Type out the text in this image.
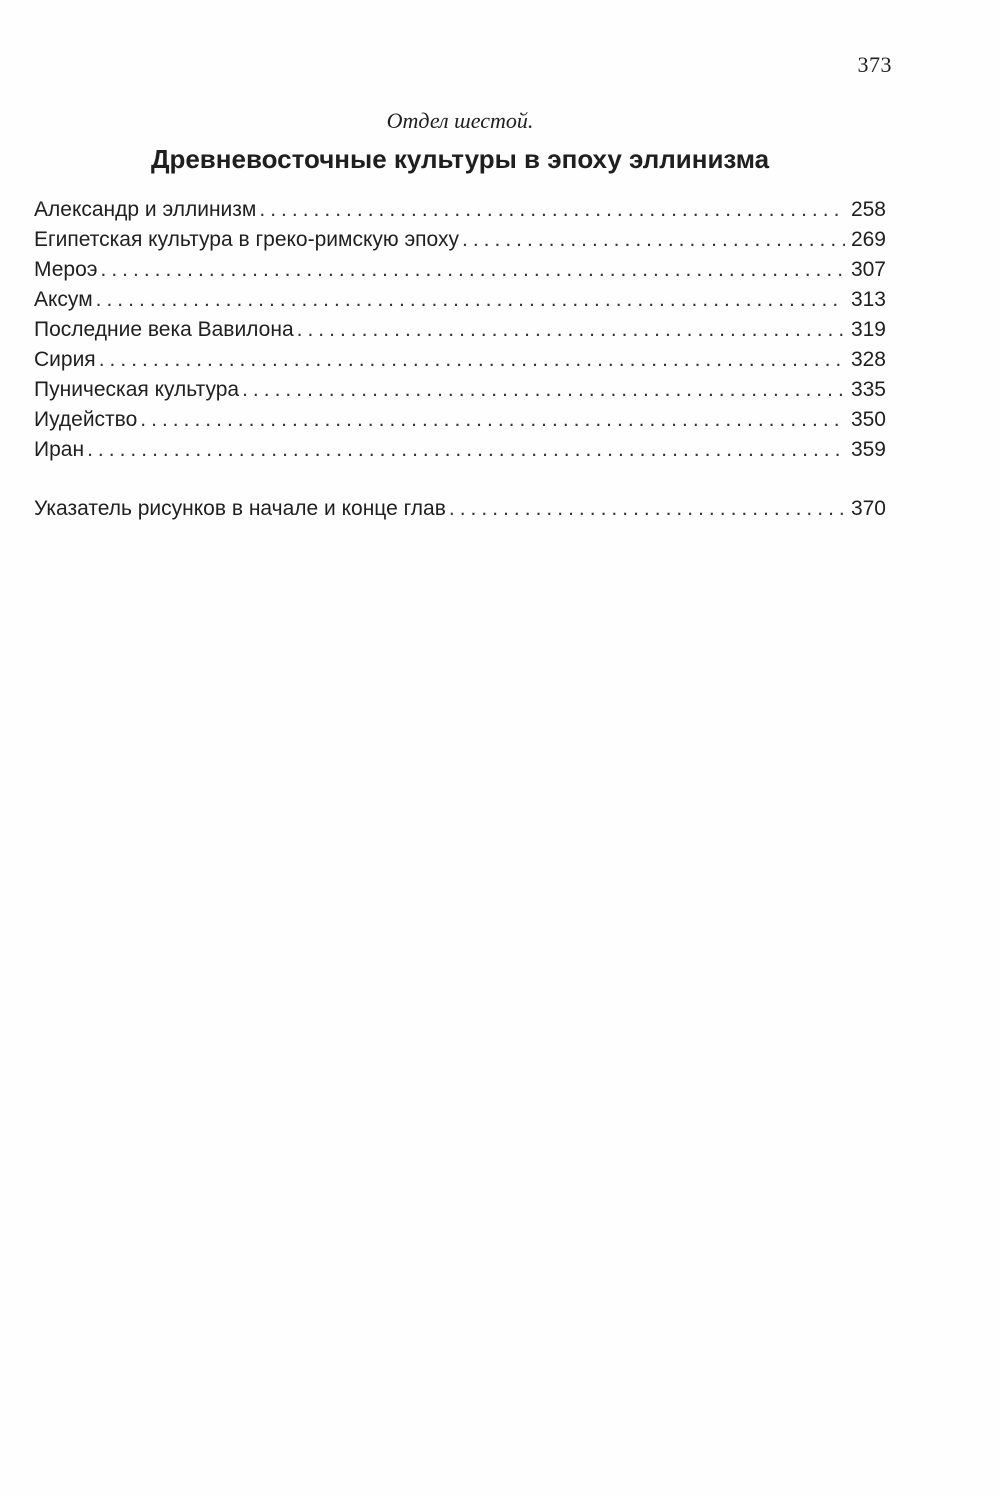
373
Отдел шестой.
Древневосточные культуры в эпоху эллинизма
Александр и эллинизм .....	258
Египетская культура в греко-римскую эпоху .....	269
Мероэ .....	307
Аксум .....	313
Последние века Вавилона .....	319
Сирия .....	328
Пуническая культура .....	335
Иудейство .....	350
Иран .....	359
Указатель рисунков в начале и конце глав .....	370
